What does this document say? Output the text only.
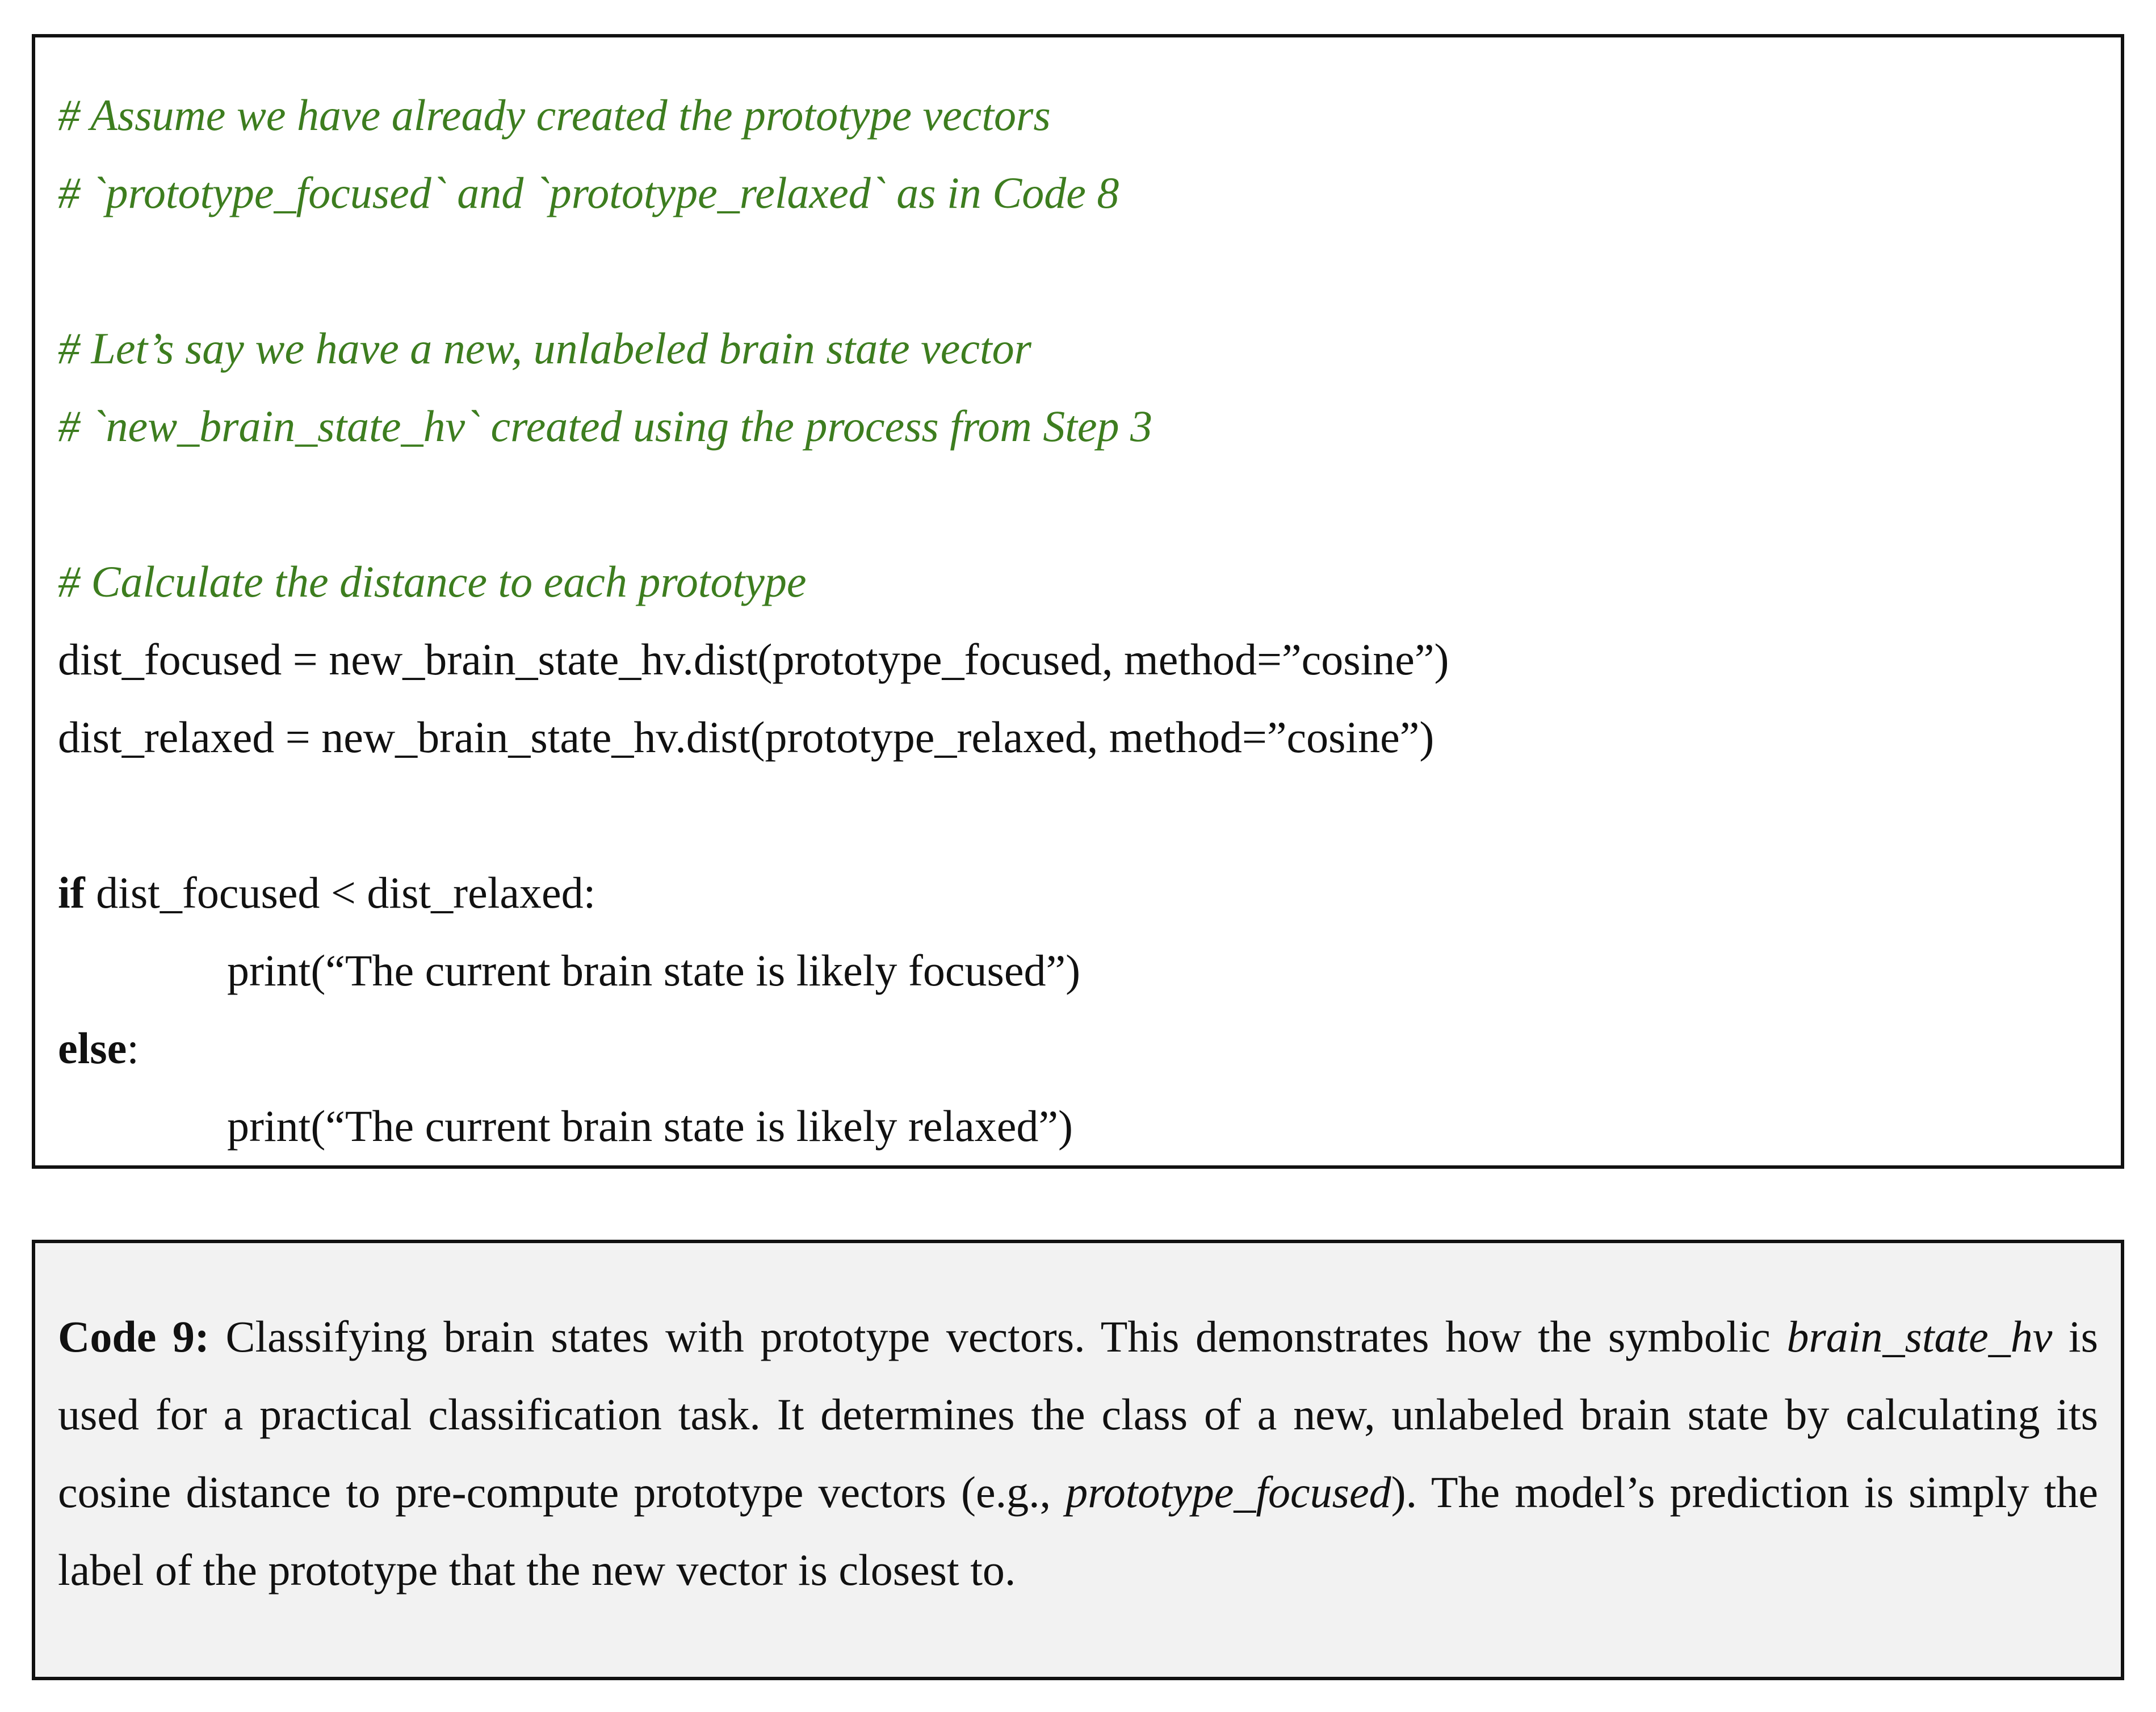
# Assume we have already created the prototype vectors
# `prototype_focused` and `prototype_relaxed` as in Code 8
# Let’s say we have a new, unlabeled brain state vector
# `new_brain_state_hv` created using the process from Step 3
# Calculate the distance to each prototype
dist_focused = new_brain_state_hv.dist(prototype_focused, method=”cosine”)
dist_relaxed = new_brain_state_hv.dist(prototype_relaxed, method=”cosine”)
if dist_focused < dist_relaxed:
print(“The current brain state is likely focused”)
else:
print(“The current brain state is likely relaxed”)

Code 9: Classifying brain states with prototype vectors. This demonstrates how the symbolic brain_state_hv is used for a practical classification task. It determines the class of a new, unlabeled brain state by calculating its cosine distance to pre-compute prototype vectors (e.g., prototype_focused). The model’s prediction is simply the label of the prototype that the new vector is closest to.
